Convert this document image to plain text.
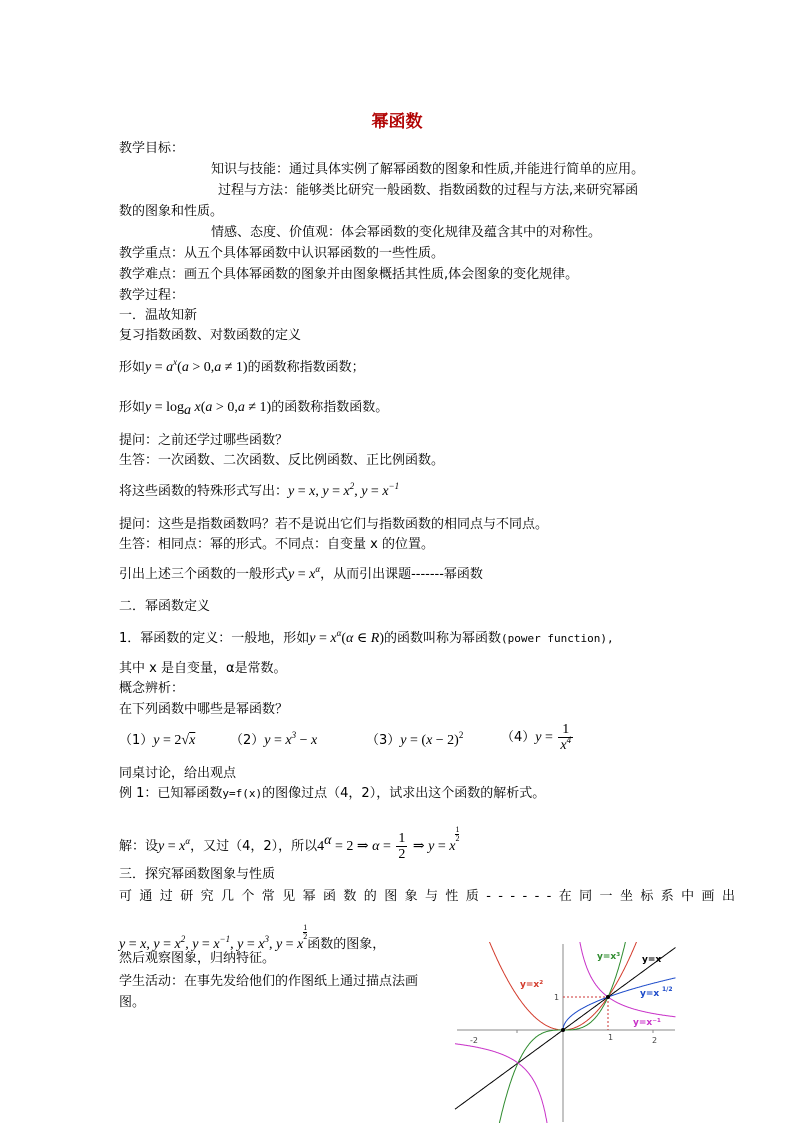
幂函数
教学目标：
知识与技能：通过具体实例了解幂函数的图象和性质,并能进行简单的应用。
过程与方法：能够类比研究一般函数、指数函数的过程与方法,来研究幂函
数的图象和性质。
情感、态度、价值观：体会幂函数的变化规律及蕴含其中的对称性。
教学重点：从五个具体幂函数中认识幂函数的一些性质。
教学难点：画五个具体幂函数的图象并由图象概括其性质,体会图象的变化规律。
教学过程：
一．温故知新
复习指数函数、对数函数的定义
形如$y = a^x(a > 0,a \ne 1)$的函数称指数函数；
形如$y = \log_a x(a > 0,a \ne 1)$的函数称指数函数。
提问：之前还学过哪些函数？
生答：一次函数、二次函数、反比例函数、正比例函数。
将这些函数的特殊形式写出：y = x, $y = x^2$, $y = x^{-1}$
提问：这些是指数函数吗？若不是说出它们与指数函数的相同点与不同点。
生答：相同点：幂的形式。不同点：自变量 x 的位置。
引出上述三个函数的一般形式$y = x^\alpha$，从而引出课题-------幂函数
二．幂函数定义
1．幂函数的定义：一般地，形如$y = x^\alpha(\alpha$ ∈ R)的函数叫称为幂函数(power function),
其中 x 是自变量，α是常数。
概念辨析：
在下列函数中哪些是幂函数？
（1）y = 2√x	$(2)y = x^3 - x$	$(3)y = (x - 2)^2$	$(4)y = \frac{1}{x^4}$
同桌讨论，给出观点
例 1：已知幂函数y=f(x)的图像过点（4，2），试求出这个函数的解析式。
解：设$y = x^\alpha$，又过（4，2），所以$4^\alpha = 2$ ⇒ $\alpha = \frac{1}{2}$ ⇒ y = x
$\frac{1}{2}$
三．探究幂函数图象与性质
可通过研究几个常见幂函数的图象与性质------在同一坐标系中画出
y = x, $y = x^2$, $y = x^{-1}$, $y = x^3$, y = x
$\frac{1}{2}$函数的图象，
然后观察图象，归纳特征。
学生活动：在事先发给他们的作图纸上通过描点法画
图。
-2	2
1
1
y=x³ y=x
y=x²
y=x 1/2
y=x⁻¹
